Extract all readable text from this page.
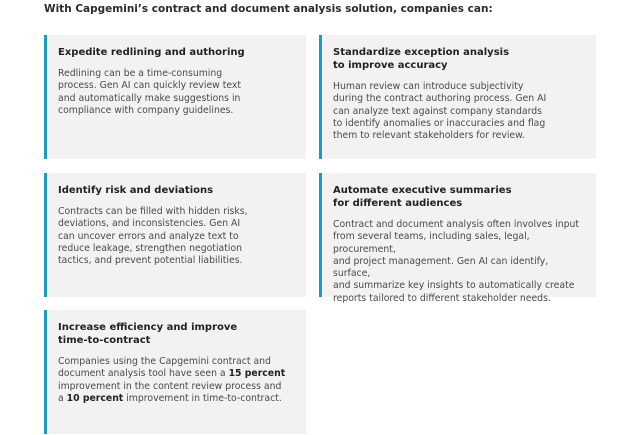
With Capgemini’s contract and document analysis solution, companies can:
Expedite redlining and authoring

Redlining can be a time-consuming
process. Gen AI can quickly review text
and automatically make suggestions in
compliance with company guidelines.

Standardize exception analysis
to improve accuracy

Human review can introduce subjectivity
during the contract authoring process. Gen AI
can analyze text against company standards
to identify anomalies or inaccuracies and flag
them to relevant stakeholders for review.

Identify risk and deviations

Contracts can be filled with hidden risks,
deviations, and inconsistencies. Gen AI
can uncover errors and analyze text to
reduce leakage, strengthen negotiation
tactics, and prevent potential liabilities.

Automate executive summaries
for different audiences

Contract and document analysis often involves input
from several teams, including sales, legal, procurement,
and project management. Gen AI can identify, surface,
and summarize key insights to automatically create
reports tailored to different stakeholder needs.

Increase efficiency and improve
time-to-contract

Companies using the Capgemini contract and
document analysis tool have seen a 15 percent
improvement in the content review process and
a 10 percent improvement in time-to-contract.
